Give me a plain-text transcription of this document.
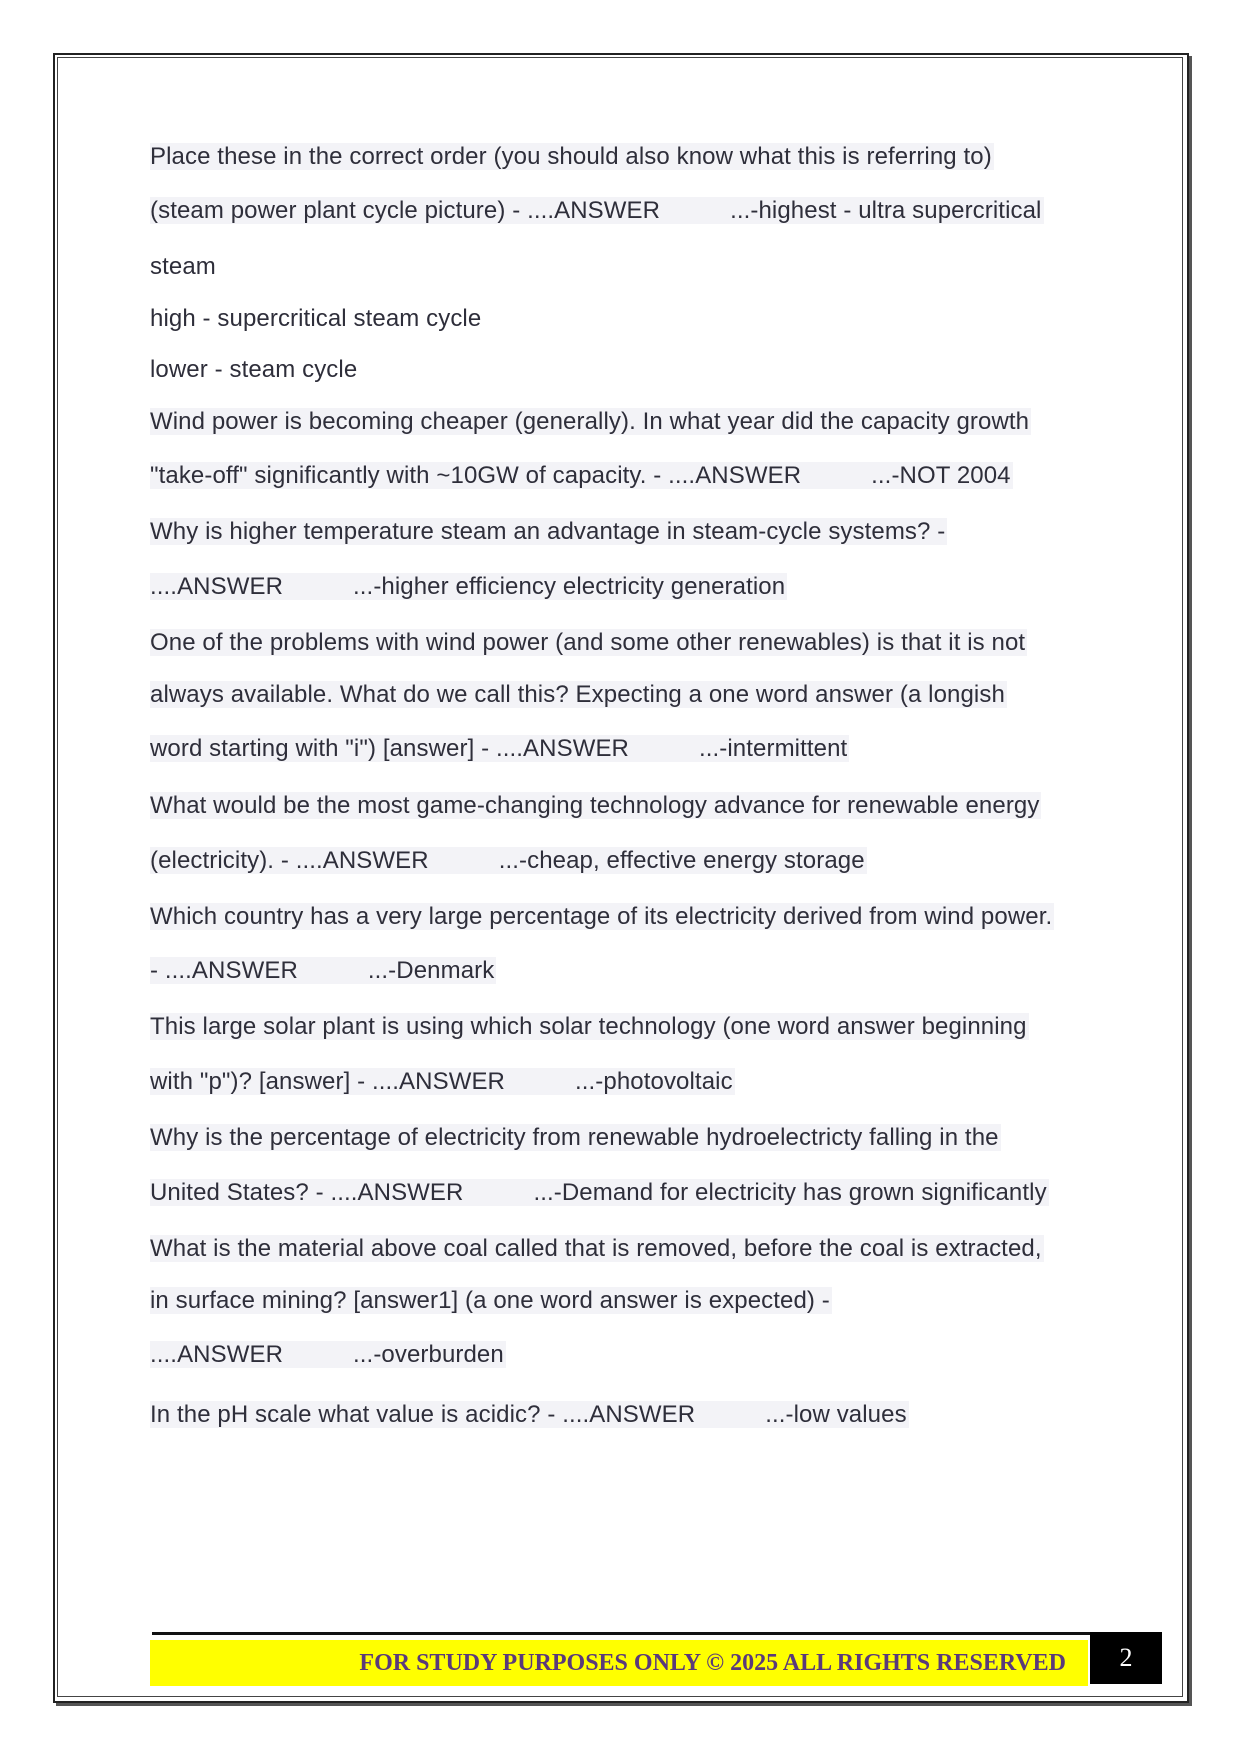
Place these in the correct order (you should also know what this is referring to)
(steam power plant cycle picture) - ....ANSWER	...-highest - ultra supercritical
steam
high - supercritical steam cycle
lower - steam cycle
Wind power is becoming cheaper (generally). In what year did the capacity growth
"take-off" significantly with ~10GW of capacity. - ....ANSWER	...-NOT 2004
Why is higher temperature steam an advantage in steam-cycle systems? -
....ANSWER	...-higher efficiency electricity generation
One of the problems with wind power (and some other renewables) is that it is not
always available. What do we call this? Expecting a one word answer (a longish
word starting with "i") [answer] - ....ANSWER	...-intermittent
What would be the most game-changing technology advance for renewable energy
(electricity). - ....ANSWER	...-cheap, effective energy storage
Which country has a very large percentage of its electricity derived from wind power.
- ....ANSWER	...-Denmark
This large solar plant is using which solar technology (one word answer beginning
with "p")? [answer] - ....ANSWER	...-photovoltaic
Why is the percentage of electricity from renewable hydroelectricty falling in the
United States? - ....ANSWER	...-Demand for electricity has grown significantly
What is the material above coal called that is removed, before the coal is extracted,
in surface mining? [answer1] (a one word answer is expected) -
....ANSWER	...-overburden
In the pH scale what value is acidic? - ....ANSWER	...-low values
FOR STUDY PURPOSES ONLY © 2025 ALL RIGHTS RESERVED	2
